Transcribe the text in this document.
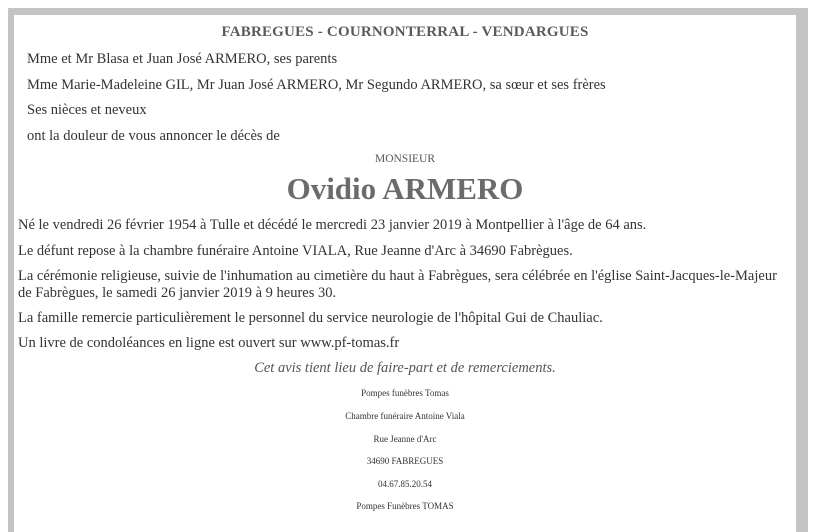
FABREGUES - COURNONTERRAL - VENDARGUES
Mme et Mr Blasa et Juan José ARMERO, ses parents
Mme Marie-Madeleine GIL, Mr Juan José ARMERO, Mr Segundo ARMERO, sa sœur et ses frères
Ses nièces et neveux
ont la douleur de vous annoncer le décès de
MONSIEUR
Ovidio ARMERO
Né le vendredi 26 février 1954 à Tulle et décédé le mercredi 23 janvier 2019 à Montpellier à l'âge de 64 ans.
Le défunt repose à la chambre funéraire Antoine VIALA, Rue Jeanne d'Arc à 34690 Fabrègues.
La cérémonie religieuse, suivie de l'inhumation au cimetière du haut à Fabrègues, sera célébrée en l'église Saint-Jacques-le-Majeur de Fabrègues, le samedi 26 janvier 2019 à 9 heures 30.
La famille remercie particulièrement le personnel du service neurologie de l'hôpital Gui de Chauliac.
Un livre de condoléances en ligne est ouvert sur www.pf-tomas.fr
Cet avis tient lieu de faire-part et de remerciements.
Pompes funèbres Tomas
Chambre funéraire Antoine Viala
Rue Jeanne d'Arc
34690 FABREGUES
04.67.85.20.54
Pompes Funèbres TOMAS
